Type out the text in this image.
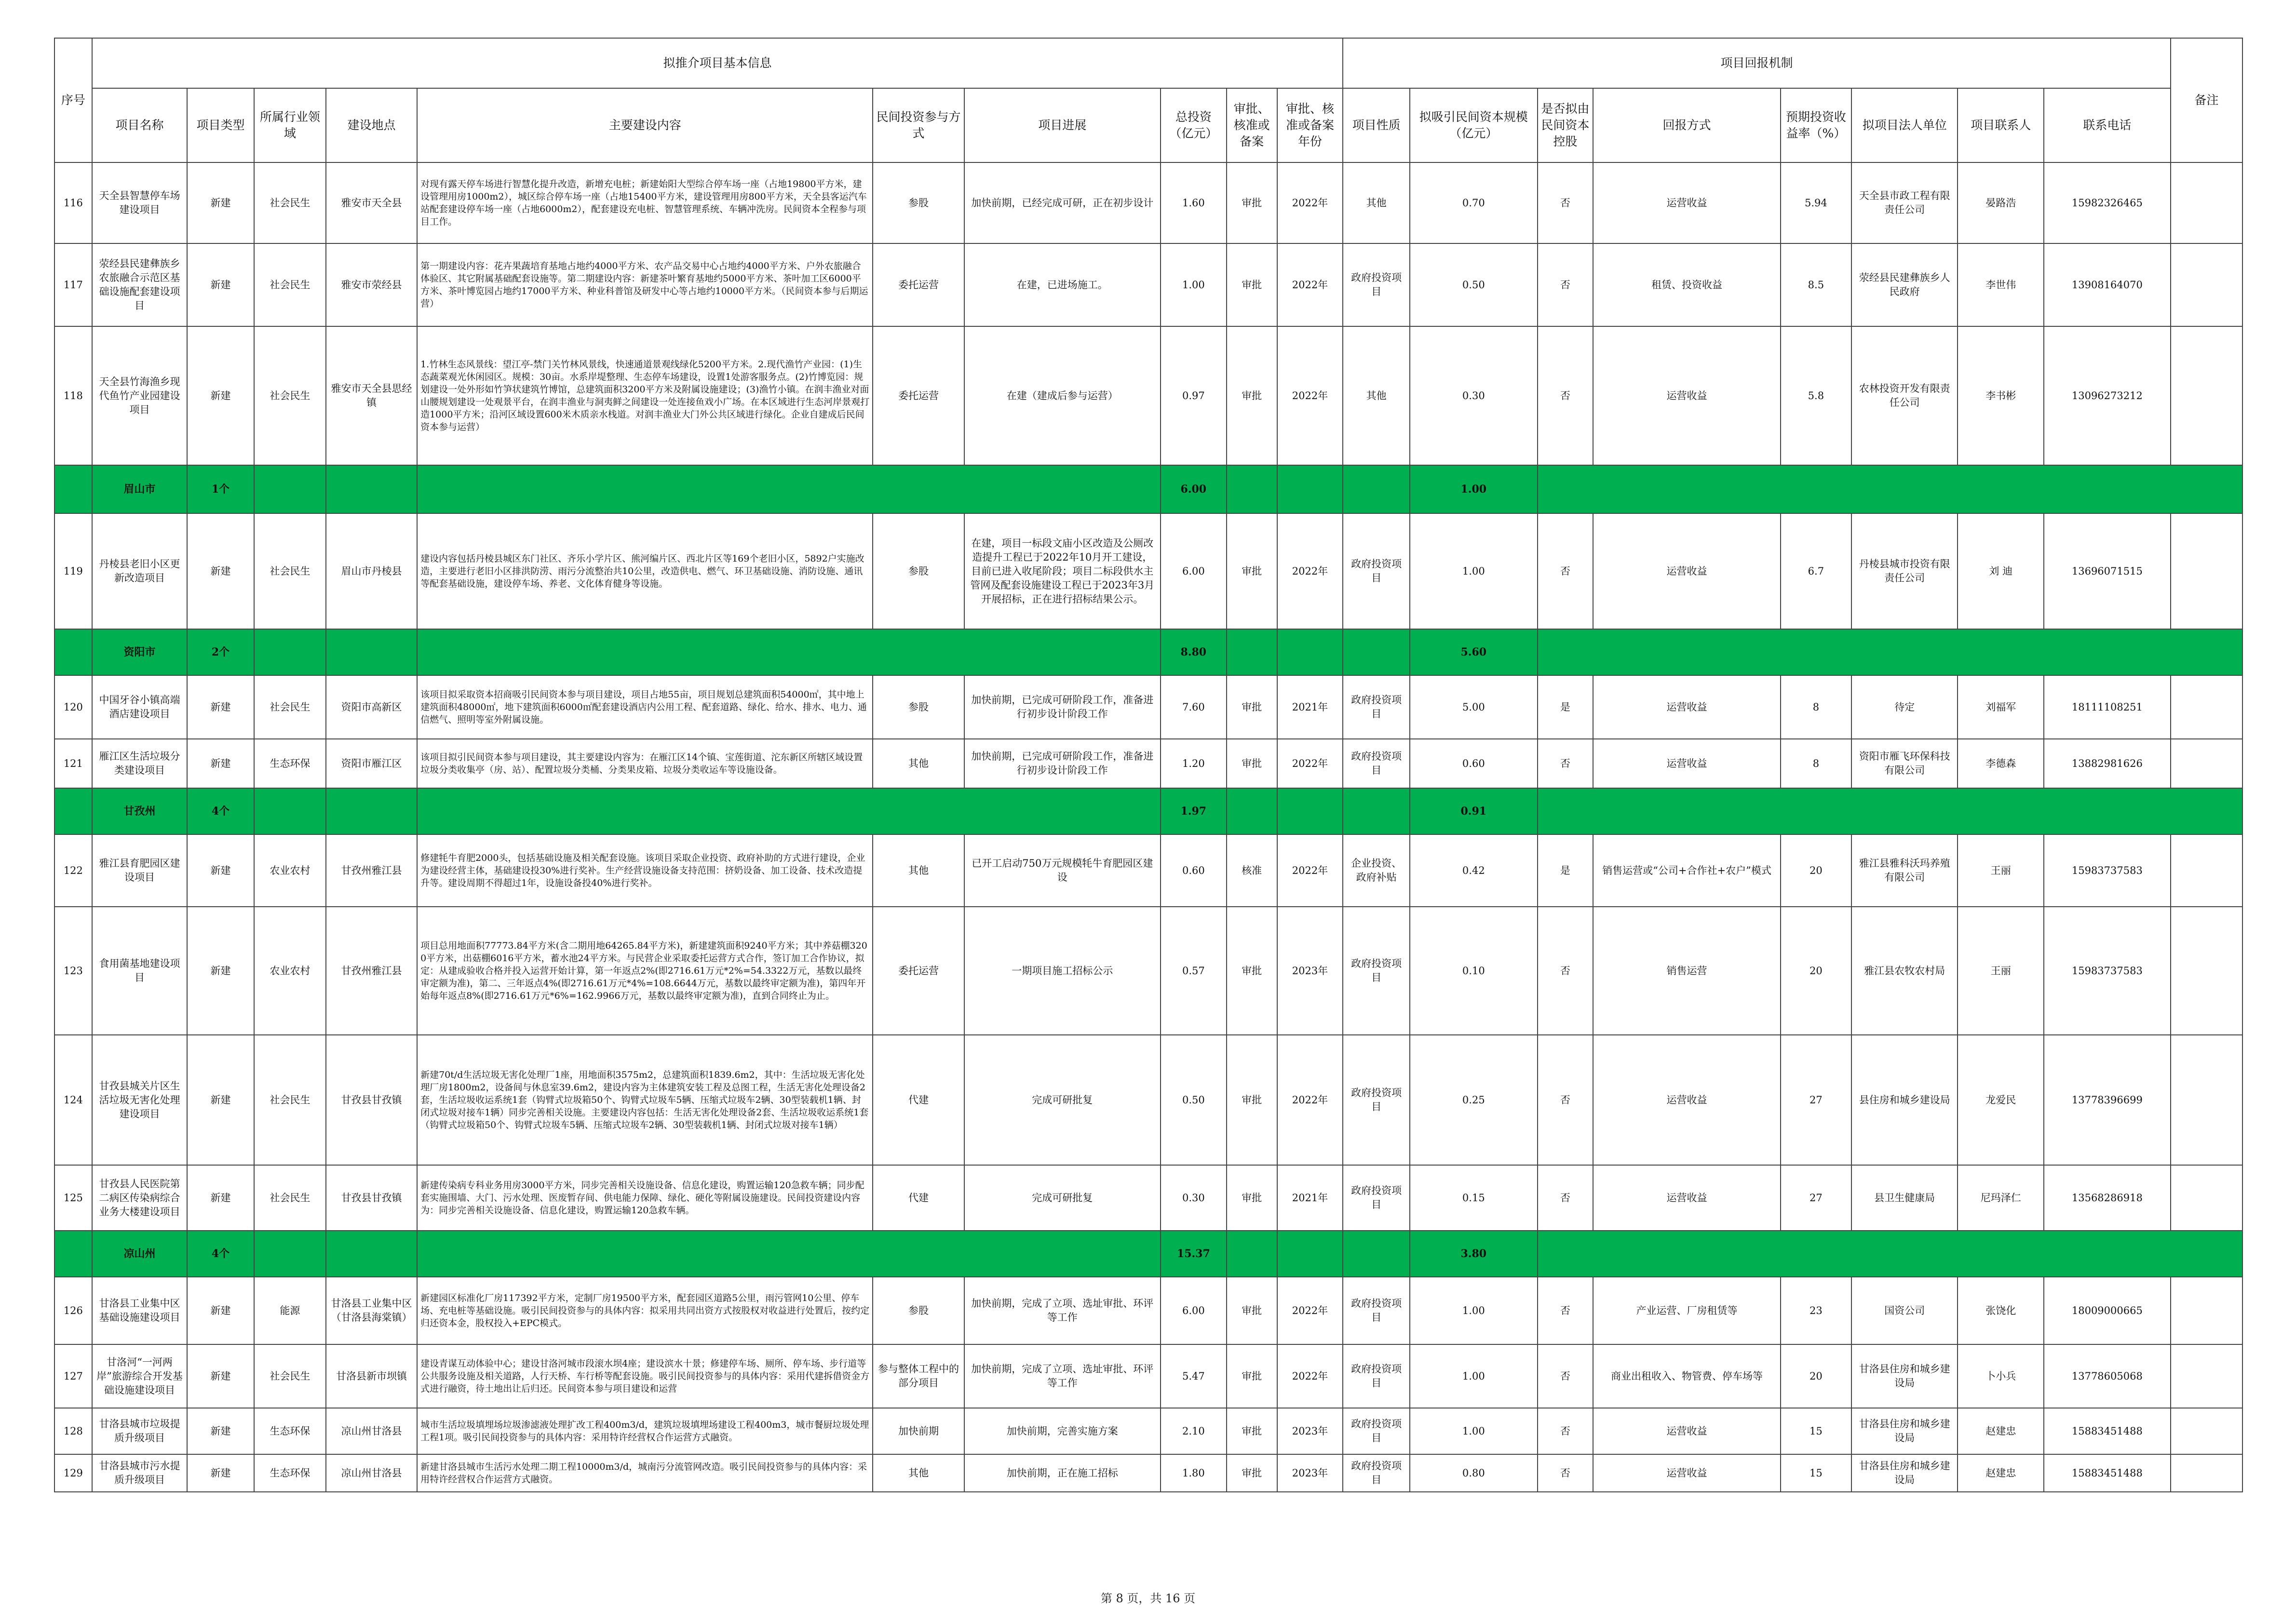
序号	拟推介项目基本信息										项目回报机制								备注
	项目名称	项目类型	所属行业领域	建设地点	主要建设内容	民间投资参与方式	项目进展	总投资（亿元）	审批、核准或备案	审批、核准或备案年份	项目性质	拟吸引民间资本规模（亿元）	是否拟由民间资本控股	回报方式	预期投资收益率（%）	拟项目法人单位	项目联系人	联系电话	
116	天全县智慧停车场建设项目	新建	社会民生	雅安市天全县	对现有露天停车场进行智慧化提升改造，新增充电桩；新建始阳大型综合停车场一座（占地19800平方米，建设管理用房1000m2），城区综合停车场一座（占地15400平方米，建设管理用房800平方米，天全县客运汽车站配套建设停车场一座（占地6000m2），配套建设充电桩、智慧管理系统、车辆冲洗房。民间资本全程参与项目工作。	参股	加快前期，已经完成可研，正在初步设计	1.60	审批	2022年	其他	0.70	否	运营收益	5.94	天全县市政工程有限责任公司	晏路浩	15982326465	
117	荥经县民建彝族乡农旅融合示范区基础设施配套建设项目	新建	社会民生	雅安市荥经县	第一期建设内容：花卉果蔬培育基地占地约4000平方米、农产品交易中心占地约4000平方米、户外农旅融合体验区、其它附属基础配套设施等。第二期建设内容：新建茶叶繁育基地约5000平方米、茶叶加工区6000平方米、茶叶博览园占地约17000平方米、种业科普馆及研发中心等占地约10000平方米。（民间资本参与后期运营）	委托运营	在建，已进场施工。	1.00	审批	2022年	政府投资项目	0.50	否	租赁、投资收益	8.5	荥经县民建彝族乡人民政府	李世伟	13908164070	
118	天全县竹海渔乡现代鱼竹产业园建设项目	新建	社会民生	雅安市天全县思经镇	1.竹林生态风景线：望江亭-禁门关竹林风景线，快速通道景观线绿化5200平方米。2.现代渔竹产业园：(1)生态蔬菜观光休闲园区。规模：30亩。水系岸堤整理、生态停车场建设，设置1处游客服务点。(2)竹博览园：规划建设一处外形如竹笋状建筑竹博馆，总建筑面积3200平方米及附属设施建设；(3)渔竹小镇。在润丰渔业对面山腰规划建设一处观景平台，在润丰渔业与洞夷鲜之间建设一处连接鱼戏小广场。在本区域进行生态河岸景观打造1000平方米；沿河区域设置600米木质亲水栈道。对润丰渔业大门外公共区域进行绿化。企业自建成后民间资本参与运营）	委托运营	在建（建成后参与运营）	0.97	审批	2022年	其他	0.30	否	运营收益	5.8	农林投资开发有限责任公司	李书彬	13096273212	
	眉山市	1个						6.00				1.00							
119	丹棱县老旧小区更新改造项目	新建	社会民生	眉山市丹棱县	建设内容包括丹棱县城区东门社区、齐乐小学片区、熊河编片区、西北片区等169个老旧小区，5892户实施改造，主要进行老旧小区排洪防涝、雨污分流整治共10公里，改造供电、燃气、环卫基础设施、消防设施、通讯等配套基础设施，建设停车场、养老、文化体育健身等设施。	参股	在建，项目一标段文庙小区改造及公厕改造提升工程已于2022年10月开工建设，目前已进入收尾阶段；项目二标段供水主管网及配套设施建设工程已于2023年3月开展招标，正在进行招标结果公示。	6.00	审批	2022年	政府投资项目	1.00	否	运营收益	6.7	丹棱县城市投资有限责任公司	刘 迪	13696071515	
	资阳市	2个						8.80				5.60							
120	中国牙谷小镇高端酒店建设项目	新建	社会民生	资阳市高新区	该项目拟采取资本招商吸引民间资本参与项目建设，项目占地55亩，项目规划总建筑面积54000㎡，其中地上建筑面积48000㎡，地下建筑面积6000㎡配套建设酒店内公用工程、配套道路、绿化、给水、排水、电力、通信燃气、照明等室外附属设施。	参股	加快前期，已完成可研阶段工作，准备进行初步设计阶段工作	7.60	审批	2021年	政府投资项目	5.00	是	运营收益	8	待定	刘福军	18111108251	
121	雁江区生活垃圾分类建设项目	新建	生态环保	资阳市雁江区	该项目拟引民间资本参与项目建设，其主要建设内容为：在雁江区14个镇、宝莲街道、沱东新区所辖区域设置垃圾分类收集亭（房、站）、配置垃圾分类桶、分类果皮箱、垃圾分类收运车等设施设备。	其他	加快前期，已完成可研阶段工作，准备进行初步设计阶段工作	1.20	审批	2022年	政府投资项目	0.60	否	运营收益	8	资阳市雁飞环保科技有限公司	李德森	13882981626	
	甘孜州	4个						1.97				0.91							
122	雅江县育肥园区建设项目	新建	农业农村	甘孜州雅江县	修建牦牛育肥2000头，包括基础设施及相关配套设施。该项目采取企业投资、政府补助的方式进行建设，企业为建设经营主体，基础建设投30%进行奖补。生产经营设施设备支持范围：挤奶设备、加工设备、技术改造提升等。建设周期不得超过1年，设施设备投40%进行奖补。	其他	已开工启动750万元规模牦牛育肥园区建设	0.60	核准	2022年	企业投资、政府补贴	0.42	是	销售运营或“公司+合作社+农户”模式	20	雅江县雅科沃玛养殖有限公司	王丽	15983737583	
123	食用菌基地建设项目	新建	农业农村	甘孜州雅江县	项目总用地面积77773.84平方米(含二期用地64265.84平方米)，新建建筑面积9240平方米；其中养菇棚3200平方米，出菇棚6016平方米，蓄水池24平方米。与民营企业采取委托运营方式合作，签订加工合作协议，拟定：从建成验收合格并投入运营开始计算，第一年返点2%(即2716.61万元*2%=54.3322万元，基数以最终审定额为准)，第二、三年返点4%(即2716.61万元*4%=108.6644万元，基数以最终审定额为准)，第四年开始每年返点8%(即2716.61万元*6%=162.9966万元，基数以最终审定额为准)，直到合同终止为止。	委托运营	一期项目施工招标公示	0.57	审批	2023年	政府投资项目	0.10	否	销售运营	20	雅江县农牧农村局	王丽	15983737583	
124	甘孜县城关片区生活垃圾无害化处理建设项目	新建	社会民生	甘孜县甘孜镇	新建70t/d生活垃圾无害化处理厂1座，用地面积3575m2，总建筑面积1839.6m2，其中：生活垃圾无害化处理厂房1800m2，设备间与休息室39.6m2，建设内容为主体建筑安装工程及总图工程，生活无害化处理设备2套，生活垃圾收运系统1套（钩臂式垃圾箱50个、钩臂式垃圾车5辆、压缩式垃圾车2辆、30型装载机1辆、封闭式垃圾对接车1辆）同步完善相关设施。主要建设内容包括：生活无害化处理设备2套、生活垃圾收运系统1套（钩臂式垃圾箱50个、钩臂式垃圾车5辆、压缩式垃圾车2辆、30型装载机1辆、封闭式垃圾对接车1辆）	代建	完成可研批复	0.50	审批	2022年	政府投资项目	0.25	否	运营收益	27	县住房和城乡建设局	龙爱民	13778396699	
125	甘孜县人民医院第二病区传染病综合业务大楼建设项目	新建	社会民生	甘孜县甘孜镇	新建传染病专科业务用房3000平方米，同步完善相关设施设备、信息化建设，购置运输120急救车辆；同步配套实施围墙、大门、污水处理、医废暂存间、供电能力保障、绿化、硬化等附属设施建设。民间投资建设内容为：同步完善相关设施设备、信息化建设，购置运输120急救车辆。	代建	完成可研批复	0.30	审批	2021年	政府投资项目	0.15	否	运营收益	27	县卫生健康局	尼玛泽仁	13568286918	
	凉山州	4个						15.37				3.80							
126	甘洛县工业集中区基础设施建设项目	新建	能源	甘洛县工业集中区（甘洛县海棠镇）	新建园区标准化厂房117392平方米，定制厂房19500平方米，配套园区道路5公里，雨污管网10公里、停车场、充电桩等基础设施。吸引民间投资参与的具体内容：拟采用共同出资方式按股权对收益进行处置后，按约定归还资本金，股权投入+EPC模式。	参股	加快前期，完成了立项、选址审批、环评等工作	6.00	审批	2022年	政府投资项目	1.00	否	产业运营、厂房租赁等	23	国资公司	张饶化	18009000665	
127	甘洛河“一河两岸”旅游综合开发基础设施建设项目	新建	社会民生	甘洛县新市坝镇	建设青谋互动体验中心；建设甘洛河城市段滚水坝4座；建设滨水十景；修建停车场、厕所、停车场、步行道等公共服务设施及相关道路，人行天桥、车行桥等配套设施。吸引民间投资参与的具体内容：采用代建拆借资金方式进行融资，待土地出让后归还。民间资本参与项目建设和运营	参与整体工程中的部分项目	加快前期，完成了立项、选址审批、环评等工作	5.47	审批	2022年	政府投资项目	1.00	否	商业出租收入、物管费、停车场等	20	甘洛县住房和城乡建设局	卜小兵	13778605068	
128	甘洛县城市垃圾提质升级项目	新建	生态环保	凉山州甘洛县	城市生活垃圾填埋场垃圾渗滤液处理扩改工程400m3/d，建筑垃圾填埋场建设工程400m3，城市餐厨垃圾处理工程1项。吸引民间投资参与的具体内容：采用特许经营权合作运营方式融资。	加快前期	加快前期，完善实施方案	2.10	审批	2023年	政府投资项目	1.00	否	运营收益	15	甘洛县住房和城乡建设局	赵建忠	15883451488	
129	甘洛县城市污水提质升级项目	新建	生态环保	凉山州甘洛县	新建甘洛县城市生活污水处理二期工程10000m3/d，城南污分流管网改造。吸引民间投资参与的具体内容：采用特许经营权合作运营方式融资。	其他	加快前期，正在施工招标	1.80	审批	2023年	政府投资项目	0.80	否	运营收益	15	甘洛县住房和城乡建设局	赵建忠	15883451488	
第 8 页，共 16 页
